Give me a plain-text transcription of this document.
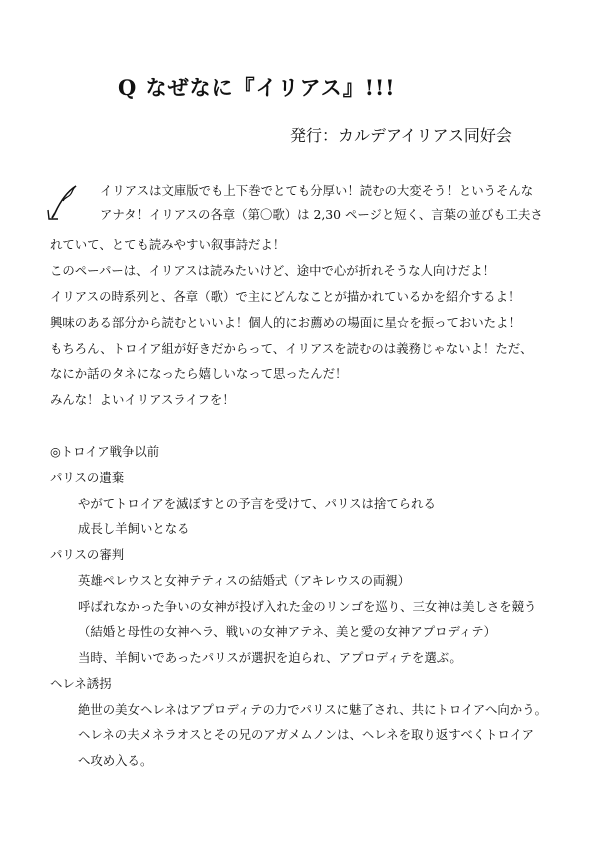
Q なぜなに『イリアス』!!!
発行：カルデアイリアス同好会
イリアスは文庫版でも上下巻でとても分厚い！読むの大変そう！というそんな
アナタ！イリアスの各章（第〇歌）は 2,30 ページと短く、言葉の並びも工夫さ
れていて、とても読みやすい叙事詩だよ！
このペーパーは、イリアスは読みたいけど、途中で心が折れそうな人向けだよ！
イリアスの時系列と、各章（歌）で主にどんなことが描かれているかを紹介するよ！
興味のある部分から読むといいよ！個人的にお薦めの場面に星☆を振っておいたよ！
もちろん、トロイア組が好きだからって、イリアスを読むのは義務じゃないよ！ただ、
なにか話のタネになったら嬉しいなって思ったんだ！
みんな！よいイリアスライフを！
◎トロイア戦争以前
パリスの遺棄
やがてトロイアを滅ぼすとの予言を受けて、パリスは捨てられる
成長し羊飼いとなる
パリスの審判
英雄ペレウスと女神テティスの結婚式（アキレウスの両親）
呼ばれなかった争いの女神が投げ入れた金のリンゴを巡り、三女神は美しさを競う
（結婚と母性の女神ヘラ、戦いの女神アテネ、美と愛の女神アプロディテ）
当時、羊飼いであったパリスが選択を迫られ、アプロディテを選ぶ。
ヘレネ誘拐
絶世の美女ヘレネはアプロディテの力でパリスに魅了され、共にトロイアへ向かう。
ヘレネの夫メネラオスとその兄のアガメムノンは、ヘレネを取り返すべくトロイア
へ攻め入る。
